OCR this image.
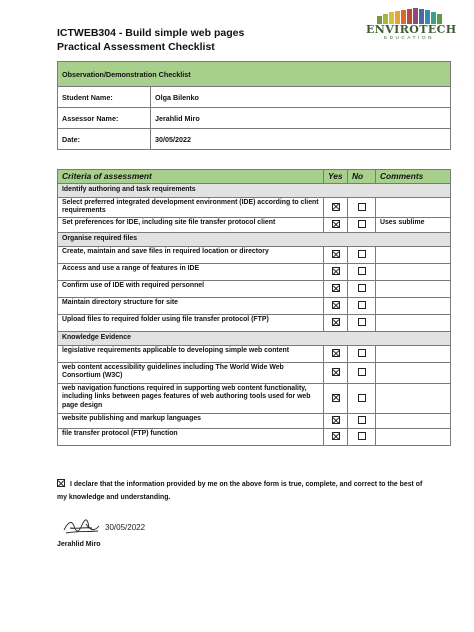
ICTWEB304 - Build simple web pages
Practical Assessment Checklist
ENVIROTECH
EDUCATION
Observation/Demonstration Checklist	
Student Name:	Olga Bilenko
Assessor Name:	Jerahlid Miro
Date:	30/05/2022
Criteria of assessment	Yes	No	Comments
Identify authoring and task requirements			
Select preferred integrated development environment (IDE) according to client requirements			
Set preferences for IDE, including site file transfer protocol client			Uses sublime
Organise required files			
Create, maintain and save files in required location or directory			
Access and use a range of features in IDE			
Confirm use of IDE with required personnel			
Maintain directory structure for site			
Upload files to required folder using file transfer protocol (FTP)			
Knowledge Evidence			
legislative requirements applicable to developing simple web content			
web content accessibility guidelines including The World Wide Web Consortium (W3C)			
web navigation functions required in supporting web content functionality, including links between pages features of web authoring tools used for web page design			
website publishing and markup languages			
file transfer protocol (FTP) function			
I declare that the information provided by me on the above form is true, complete, and correct to the best of my knowledge and understanding.
30/05/2022
Jerahlid Miro
